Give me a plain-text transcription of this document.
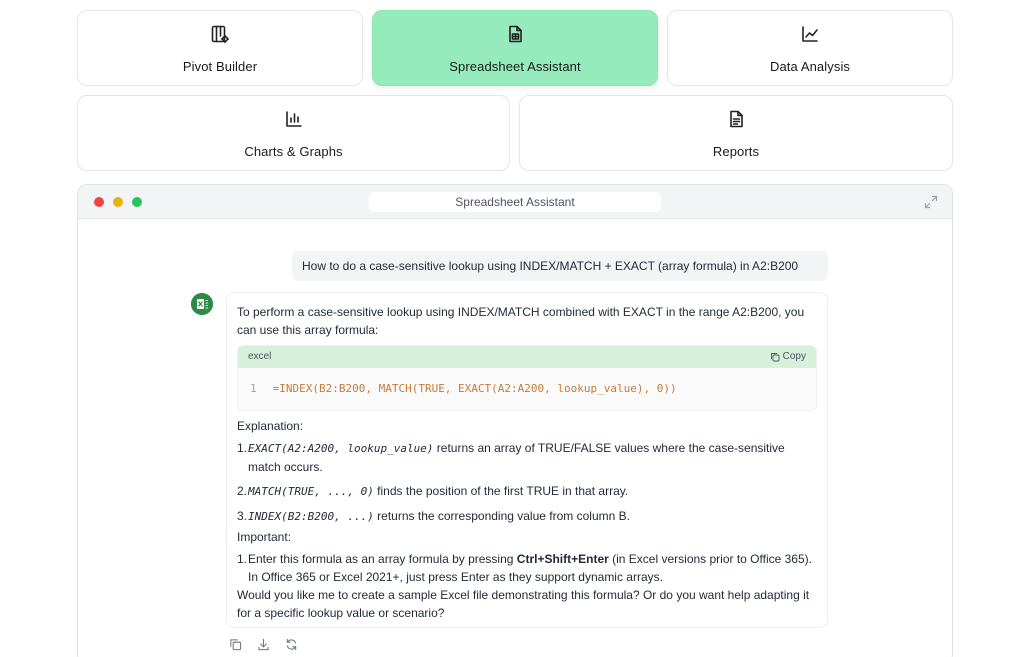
Pivot Builder	Spreadsheet Assistant	Data Analysis
Charts & Graphs	Reports
Spreadsheet Assistant
How to do a case-sensitive lookup using INDEX/MATCH + EXACT (array formula) in A2:B200
To perform a case-sensitive lookup using INDEX/MATCH combined with EXACT in the range A2:B200, you can use this array formula:
excel	Copy
1 =INDEX(B2:B200, MATCH(TRUE, EXACT(A2:A200, lookup_value), 0))
Explanation:
1. EXACT(A2:A200, lookup_value) returns an array of TRUE/FALSE values where the case-sensitive match occurs.
2. MATCH(TRUE, ..., 0) finds the position of the first TRUE in that array.
3. INDEX(B2:B200, ...) returns the corresponding value from column B.
Important:
1. Enter this formula as an array formula by pressing Ctrl+Shift+Enter (in Excel versions prior to Office 365). In Office 365 or Excel 2021+, just press Enter as they support dynamic arrays.
Would you like me to create a sample Excel file demonstrating this formula? Or do you want help adapting it for a specific lookup value or scenario?
